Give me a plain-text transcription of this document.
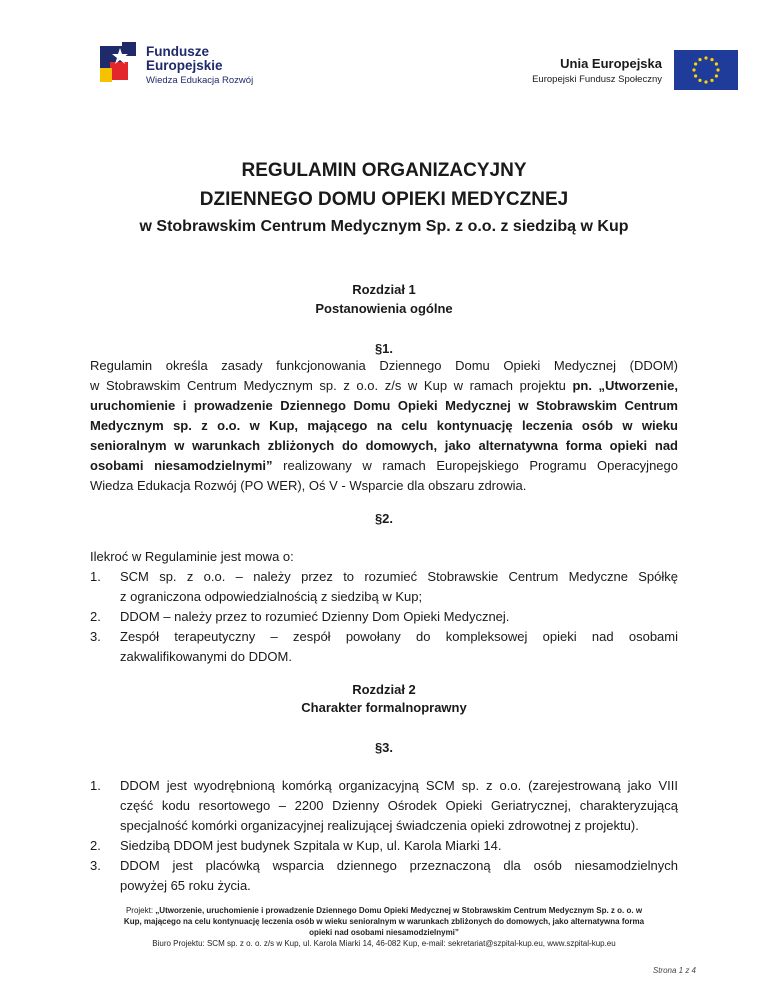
Fundusze
Europejskie
Wiedza Edukacja Rozwój
Unia Europejska
Europejski Fundusz Społeczny
REGULAMIN ORGANIZACYJNY
DZIENNEGO DOMU OPIEKI MEDYCZNEJ
w Stobrawskim Centrum Medycznym Sp. z o.o. z siedzibą w Kup
Rozdział 1
Postanowienia ogólne
§1.
Regulamin określa zasady funkcjonowania Dziennego Domu Opieki Medycznej (DDOM)
w Stobrawskim Centrum Medycznym sp. z o.o. z/s w Kup w ramach projektu pn. „Utworzenie,
uruchomienie i prowadzenie Dziennego Domu Opieki Medycznej w Stobrawskim Centrum
Medycznym sp. z o.o. w Kup, mającego na celu kontynuację leczenia osób w wieku
senioralnym w warunkach zbliżonych do domowych, jako alternatywna forma opieki nad
osobami niesamodzielnymi” realizowany w ramach Europejskiego Programu Operacyjnego
Wiedza Edukacja Rozwój (PO WER), Oś V - Wsparcie dla obszaru zdrowia.
§2.
Ilekroć w Regulaminie jest mowa o:
1. SCM sp. z o.o. – należy przez to rozumieć Stobrawskie Centrum Medyczne Spółkę
z ograniczona odpowiedzialnością z siedzibą w Kup;
2. DDOM – należy przez to rozumieć Dzienny Dom Opieki Medycznej.
3. Zespół terapeutyczny – zespół powołany do kompleksowej opieki nad osobami
zakwalifikowanymi do DDOM.
Rozdział 2
Charakter formalnoprawny
§3.
1. DDOM jest wyodrębnioną komórką organizacyjną SCM sp. z o.o. (zarejestrowaną jako VIII
część kodu resortowego – 2200 Dzienny Ośrodek Opieki Geriatrycznej, charakteryzującą
specjalność komórki organizacyjnej realizującej świadczenia opieki zdrowotnej z projektu).
2. Siedzibą DDOM jest budynek Szpitala w Kup, ul. Karola Miarki 14.
3. DDOM jest placówką wsparcia dziennego przeznaczoną dla osób niesamodzielnych
powyżej 65 roku życia.
Projekt: „Utworzenie, uruchomienie i prowadzenie Dziennego Domu Opieki Medycznej w Stobrawskim Centrum Medycznym Sp. z o. o. w
Kup, mającego na celu kontynuację leczenia osób w wieku senioralnym w warunkach zbliżonych do domowych, jako alternatywna forma
opieki nad osobami niesamodzielnymi”
Biuro Projektu: SCM sp. z o. o. z/s w Kup, ul. Karola Miarki 14, 46-082 Kup, e-mail: sekretariat@szpital-kup.eu, www.szpital-kup.eu
Strona 1 z 4
